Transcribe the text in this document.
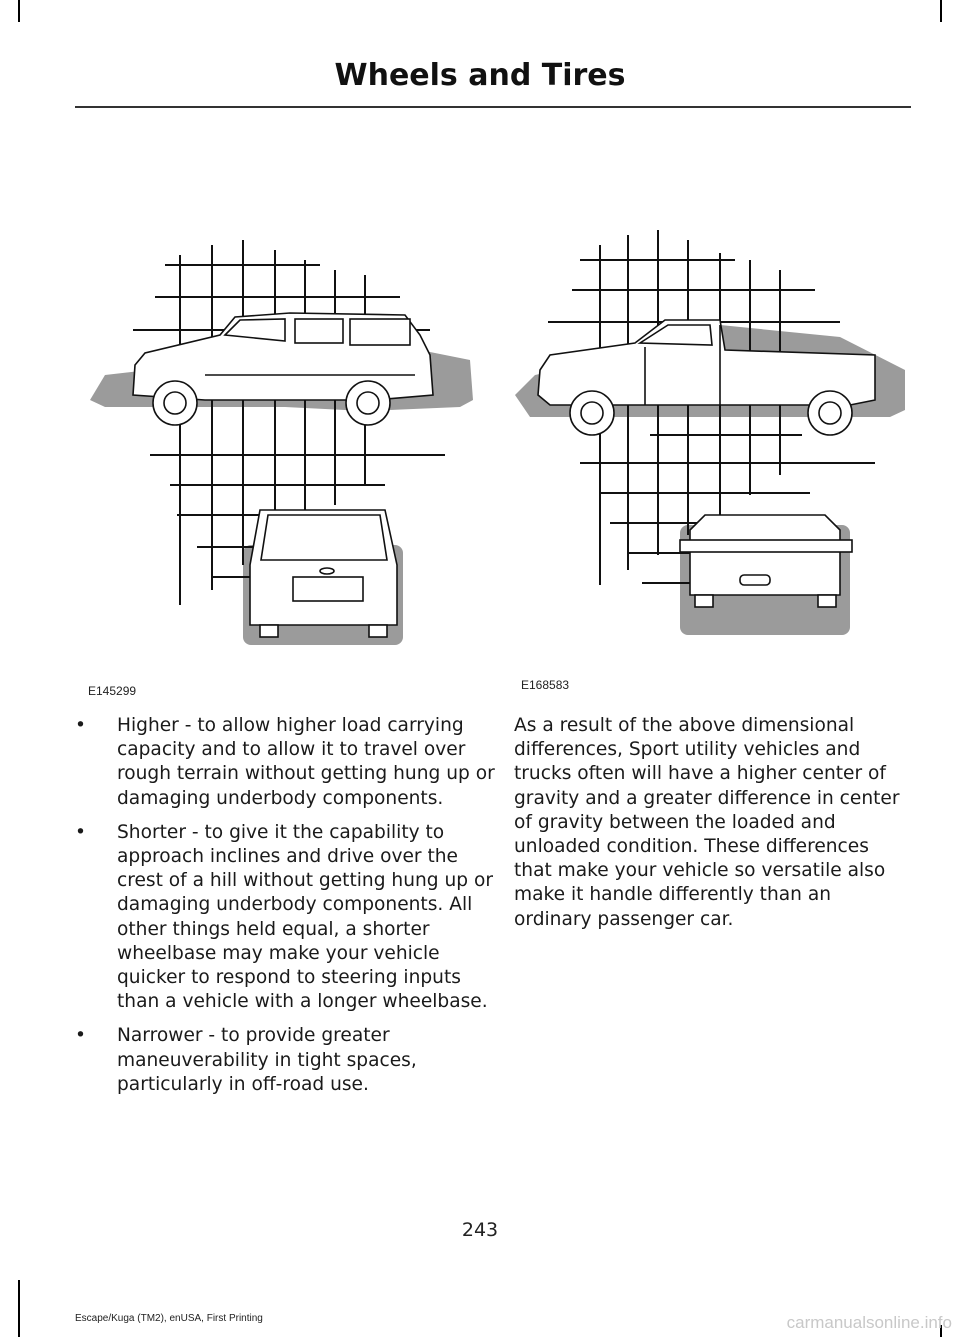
Wheels and Tires
E145299	E168583
• Higher - to allow higher load carrying capacity and to allow it to travel over rough terrain without getting hung up or damaging underbody components.
• Shorter - to give it the capability to approach inclines and drive over the crest of a hill without getting hung up or damaging underbody components. All other things held equal, a shorter wheelbase may make your vehicle quicker to respond to steering inputs than a vehicle with a longer wheelbase.
• Narrower - to provide greater maneuverability in tight spaces, particularly in off-road use.

As a result of the above dimensional differences, Sport utility vehicles and trucks often will have a higher center of gravity and a greater difference in center of gravity between the loaded and unloaded condition. These differences that make your vehicle so versatile also make it handle differently than an ordinary passenger car.

243
Escape/Kuga (TM2), enUSA, First Printing	carmanualsonline.info
